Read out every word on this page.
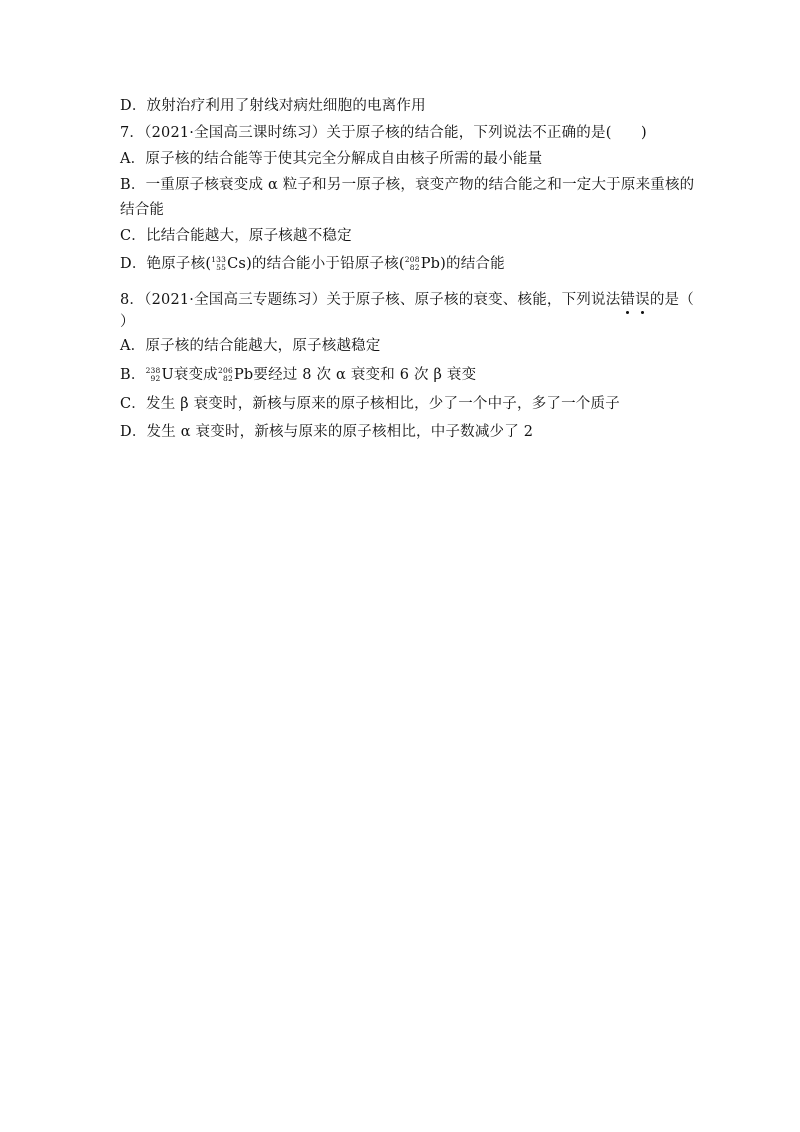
D．放射治疗利用了射线对病灶细胞的电离作用
7．（2021·全国高三课时练习）关于原子核的结合能，下列说法不正确的是(　　)
A．原子核的结合能等于使其完全分解成自由核子所需的最小能量
B．一重原子核衰变成 α 粒子和另一原子核，衰变产物的结合能之和一定大于原来重核的
结合能
C．比结合能越大，原子核越不稳定
D．铯原子核( 133
55 Cs )的结合能小于铅原子核( 208
82 Pb )的结合能
8．（2021·全国高三专题练习）关于原子核、原子核的衰变、核能，下列说法错误的是（
）
A．原子核的结合能越大，原子核越稳定
B． 238
92 U 衰变成 206
82 Pb 要经过 8 次 α 衰变和 6 次 β 衰变
C．发生 β 衰变时，新核与原来的原子核相比，少了一个中子，多了一个质子
D．发生 α 衰变时，新核与原来的原子核相比，中子数减少了 2
